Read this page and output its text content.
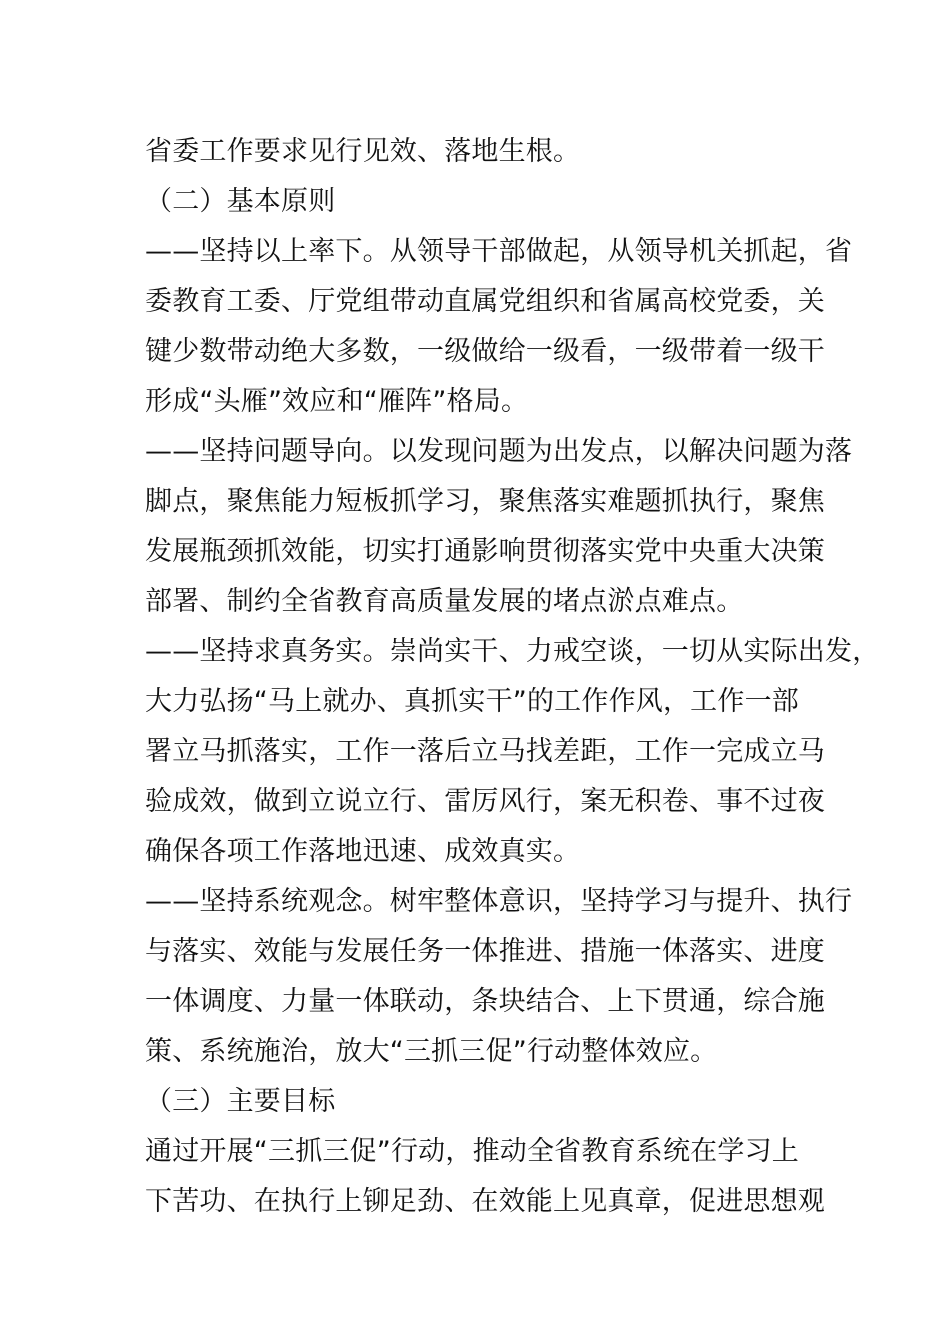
省委工作要求见行见效、落地生根。
（二）基本原则
——坚持以上率下。从领导干部做起，从领导机关抓起，省
委教育工委、厅党组带动直属党组织和省属高校党委，关
键少数带动绝大多数，一级做给一级看，一级带着一级干
形成“头雁”效应和“雁阵”格局。
——坚持问题导向。以发现问题为出发点，以解决问题为落
脚点，聚焦能力短板抓学习，聚焦落实难题抓执行，聚焦
发展瓶颈抓效能，切实打通影响贯彻落实党中央重大决策
部署、制约全省教育高质量发展的堵点淤点难点。
——坚持求真务实。崇尚实干、力戒空谈，一切从实际出发，
大力弘扬“马上就办、真抓实干”的工作作风，工作一部
署立马抓落实，工作一落后立马找差距，工作一完成立马
验成效，做到立说立行、雷厉风行，案无积卷、事不过夜
确保各项工作落地迅速、成效真实。
——坚持系统观念。树牢整体意识，坚持学习与提升、执行
与落实、效能与发展任务一体推进、措施一体落实、进度
一体调度、力量一体联动，条块结合、上下贯通，综合施
策、系统施治，放大“三抓三促”行动整体效应。
（三）主要目标
通过开展“三抓三促”行动，推动全省教育系统在学习上
下苦功、在执行上铆足劲、在效能上见真章，促进思想观
